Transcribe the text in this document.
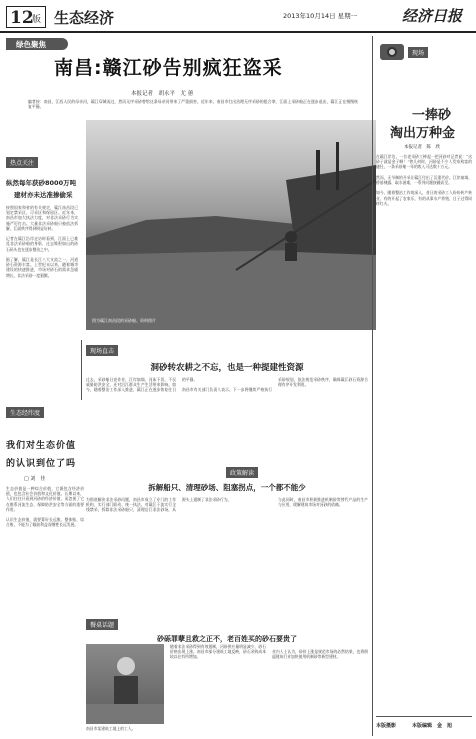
12
版 生态经济	2013年10月14日 星期一	经济日报
绿色聚焦
南昌:赣江砂告别疯狂盗采
本报记者　胡永平　尤 蕙
编者按：南昌，江西人民的母亲河，赣江穿城而过，然而无序采砂曾给这条母亲河带来了严重损害。近年来，南昌市打出治理无序采砂的组合拳，江面上采砂船正在逐步退出，赣江正在慢慢恢复平静。
图为赣江南昌段的采砂船。资料图片
热点关注
纵然每年获砂8000万吨
建材亦未达准掺偷采
按照国家和省的有关规定，赣江南昌段已划定禁采区、可采区和保留区。近年来，南昌市加大执法力度，对非法采砂行为实施严厉打击。大量非法采砂船只被依法拆解，江面秩序得到明显好转。

记者在赣江沿岸走访时看到，江面上已难觅非法采砂船的身影，过去堆积如山的砂石码头也在逐步整治之中。

据了解，赣江是长江八大支流之一，河道砂石资源丰富。上世纪末以来，随着城市建设的快速推进，市场对砂石的需求急剧增长，非法采砂一度猖獗。
现场直击
洞砂转农耕之不忘，也是一种提建性资源
过去，采砂船日夜作业，江岸崩塌、河床下切，不仅威胁防洪安全，还对沿江群众生产生活带来影响。如今，随着整治工作深入推进，赣江正在逐步恢复往日的平静。

南昌市有关部门负责人表示，下一步将继续严格执行采砂规划，依法规范采砂秩序，确保赣江砂石资源合理有序开发利用。
政策解读
拆解船只、清理砂场、阻塞拐点，一个都不能少
为彻底解决非法采砂问题，南昌市成立了专门的工作机构，实行部门联动、统一执法。对赣江干流实行全线禁采，拆除非法采砂船只，清理沿江非法砂场，从源头上遏制了非法采砂行为。

与此同时，南昌市积极推进机制砂等替代产品的生产与应用，缓解建筑市场对河砂的依赖。
生态经纬度
我们对生态价值的认识到位了吗
□ 刘　佳
生态价值是一种综合价值，它既包含经济价值，也包含社会价值和文化价值。长期以来，人们往往只看到河砂的经济价值，而忽视了它在维系河流生态、保障防洪安全等方面的重要作用。

认识生态价值，就要算好长远账、整体账、综合账，不能为了眼前利益而牺牲长远发展。
餐桌话题
砂砾罪孽且救之正不，老百姓买的砂石要贵了
南昌市某建筑工地上的工人。
随着非法采砂得到有效遏制，河砂供应量明显减少，砂石价格出现上涨。南昌市部分建筑工地反映，砂石采购成本较以往有所增加。

业内人士认为，砂价上涨是规范市场的必然结果，也将倒逼建筑行业加快使用机制砂等新型建材。
现场
一捧砂
淘出万种金
本报记者　陈　欣
在赣江岸边，一位老采砂工捧起一把河砂对记者说：“这砂子就是金子啊！”曾几何时，河砂是不少人发家致富的捷径，一条采砂船一年的收入可达数十万元。

然而，无节制的开采让赣江付出了沉重代价。江岸崩塌、桥基裸露、取水困难，一系列问题接踵而至。

如今，随着整治工作的深入，昔日的采砂工人纷纷转产转业，有的开起了农家乐，有的从事水产养殖，日子过得同样红火。
本版摄影	本版编辑　金　旭
